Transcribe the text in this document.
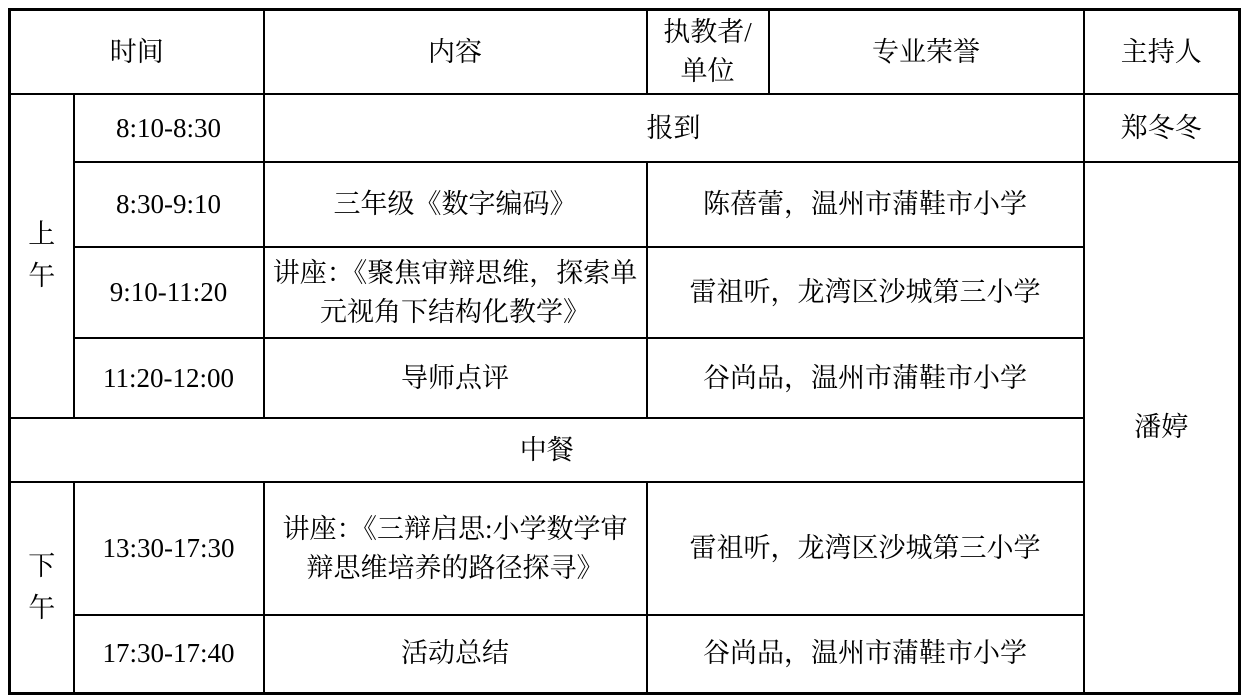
时间		内容	执教者/单位	专业荣誉	主持人

上午	8:10-8:30	报到			郑冬冬
	8:30-9:10	三年级《数字编码》	陈蓓蕾，温州市蒲鞋市小学		潘婷
	9:10-11:20	讲座：《聚焦审辩思维，探索单元视角下结构化教学》	雷祖听，龙湾区沙城第三小学		
	11:20-12:00	导师点评	谷尚品，温州市蒲鞋市小学		
中餐					

下午	13:30-17:30	讲座：《三辩启思:小学数学审辩思维培养的路径探寻》	雷祖听，龙湾区沙城第三小学		
	17:30-17:40	活动总结	谷尚品，温州市蒲鞋市小学		
